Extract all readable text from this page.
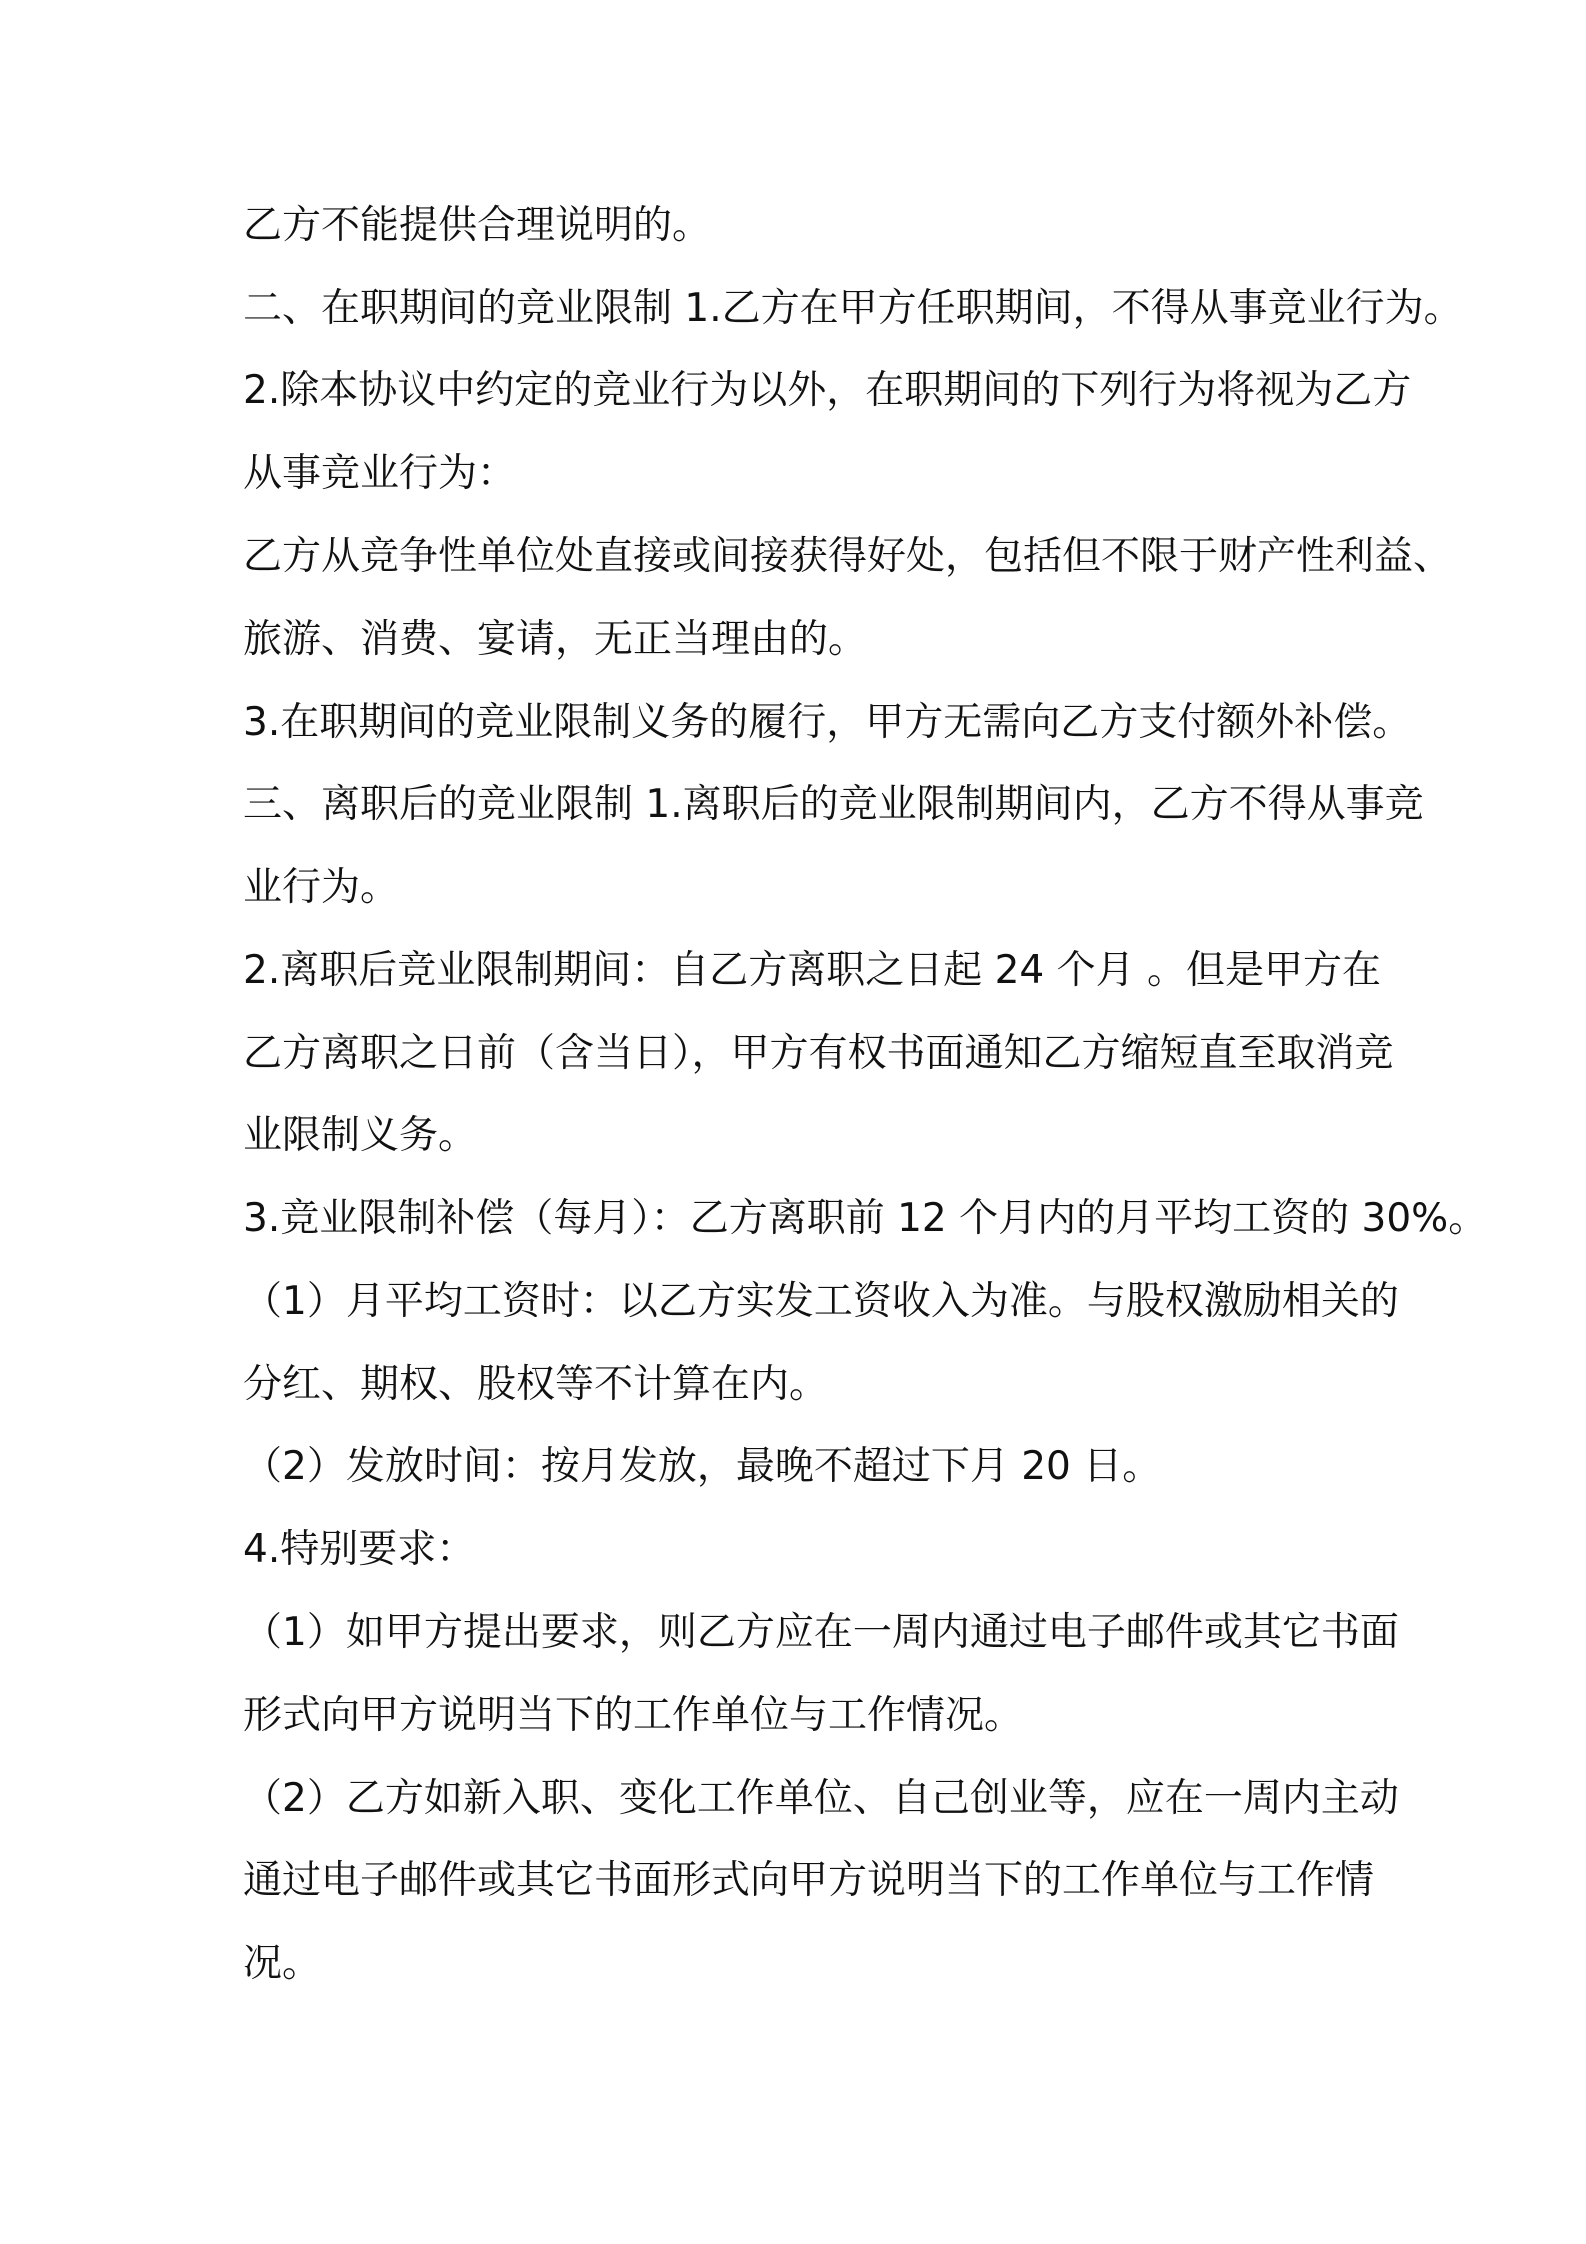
乙方不能提供合理说明的。
二、在职期间的竞业限制 1.乙方在甲方任职期间，不得从事竞业行为。
2.除本协议中约定的竞业行为以外，在职期间的下列行为将视为乙方
从事竞业行为：
乙方从竞争性单位处直接或间接获得好处，包括但不限于财产性利益、
旅游、消费、宴请，无正当理由的。
3.在职期间的竞业限制义务的履行，甲方无需向乙方支付额外补偿。
三、离职后的竞业限制 1.离职后的竞业限制期间内，乙方不得从事竞
业行为。
2.离职后竞业限制期间：自乙方离职之日起 24 个月 。但是甲方在
乙方离职之日前（含当日），甲方有权书面通知乙方缩短直至取消竞
业限制义务。
3.竞业限制补偿（每月）：乙方离职前 12 个月内的月平均工资的 30%。
（1）月平均工资时：以乙方实发工资收入为准。与股权激励相关的
分红、期权、股权等不计算在内。
（2）发放时间：按月发放，最晚不超过下月 20 日。
4.特别要求：
（1）如甲方提出要求，则乙方应在一周内通过电子邮件或其它书面
形式向甲方说明当下的工作单位与工作情况。
（2）乙方如新入职、变化工作单位、自己创业等，应在一周内主动
通过电子邮件或其它书面形式向甲方说明当下的工作单位与工作情
况。
